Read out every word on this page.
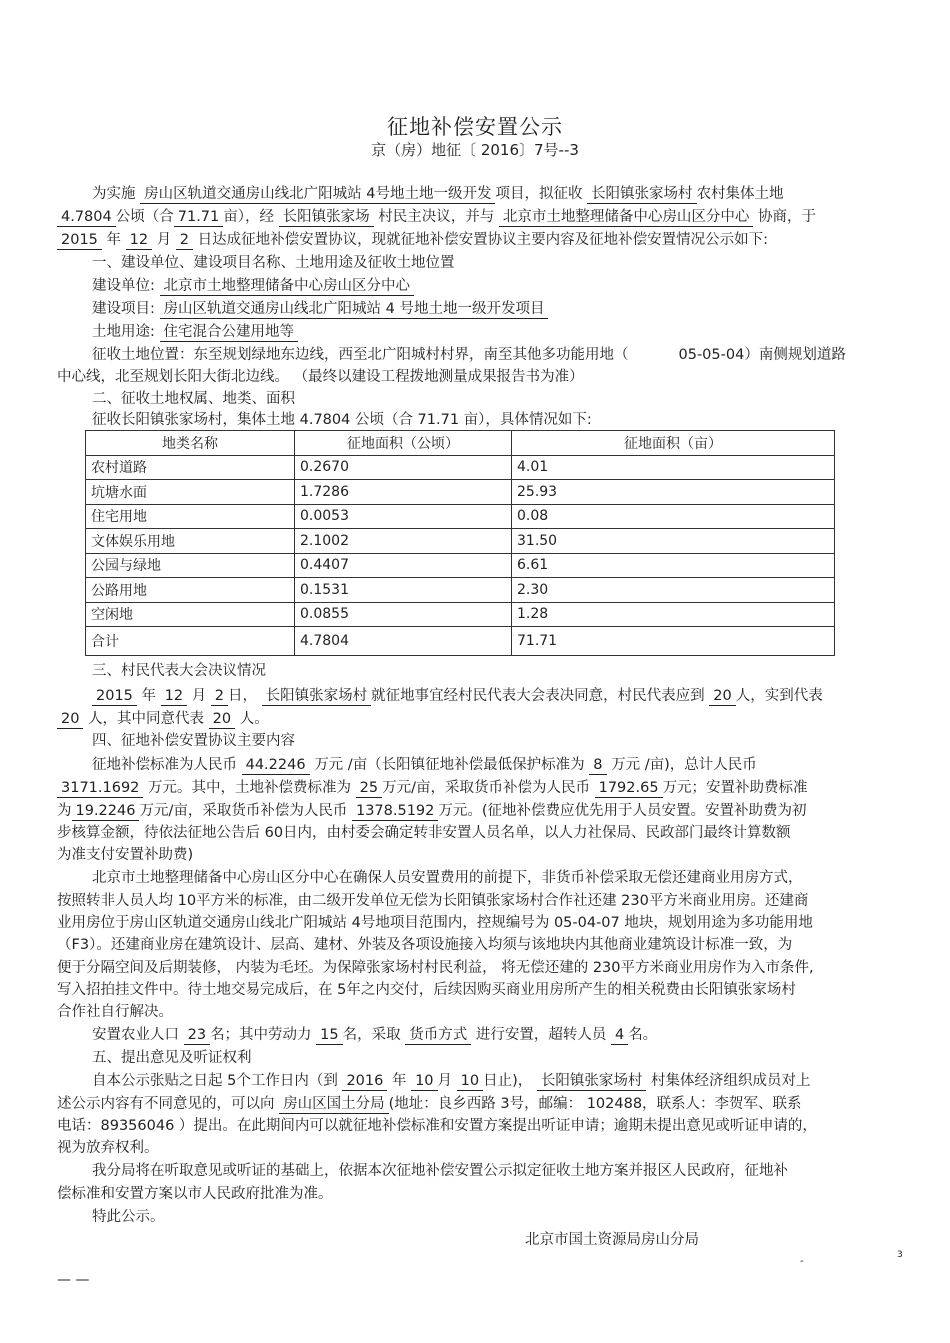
征地补偿安置公示
京（房）地征〔 2016〕7号--3
为实施 房山区轨道交通房山线北广阳城站 4号地土地一级开发 项目，拟征收 长阳镇张家场村 农村集体土地
4.7804 公顷（合 71.71 亩），经 长阳镇张家场 村民主决议，并与 北京市土地整理储备中心房山区分中心 协商，于
2015 年 12 月 2 日达成征地补偿安置协议，现就征地补偿安置协议主要内容及征地补偿安置情况公示如下:
一、建设单位、建设项目名称、土地用途及征收土地位置
建设单位: 北京市土地整理储备中心房山区分中心
建设项目: 房山区轨道交通房山线北广阳城站 4 号地土地一级开发项目
土地用途: 住宅混合公建用地等
征收土地位置：东至规划绿地东边线，西至北广阳城村村界，南至其他多功能用地（	05-05-04）南侧规划道路
中心线，北至规划长阳大街北边线。 （最终以建设工程拨地测量成果报告书为准）
二、征收土地权属、地类、面积
征收长阳镇张家场村，集体土地 4.7804 公顷（合 71.71 亩），具体情况如下:
地类名称	征地面积（公顷）	征地面积（亩）
农村道路	0.2670	4.01
坑塘水面	1.7286	25.93
住宅用地	0.0053	0.08
文体娱乐用地	2.1002	31.50
公园与绿地	0.4407	6.61
公路用地	0.1531	2.30
空闲地	0.0855	1.28
合计	4.7804	71.71
三、村民代表大会决议情况
2015 年 12 月 2 日， 长阳镇张家场村 就征地事宜经村民代表大会表决同意，村民代表应到 20 人，实到代表
20 人，其中同意代表 20 人。
四、征地补偿安置协议主要内容
征地补偿标准为人民币 44.2246 万元 /亩（长阳镇征地补偿最低保护标准为 8 万元 /亩)，总计人民币
3171.1692 万元。其中，土地补偿费标准为 25 万元/亩，采取货币补偿为人民币 1792.65 万元；安置补助费标准
为 19.2246 万元/亩，采取货币补偿为人民币 1378.5192 万元。(征地补偿费应优先用于人员安置。安置补助费为初
步核算金额，待依法征地公告后 60日内，由村委会确定转非安置人员名单，以人力社保局、民政部门最终计算数额
为准支付安置补助费)
北京市土地整理储备中心房山区分中心在确保人员安置费用的前提下，非货币补偿采取无偿还建商业用房方式，
按照转非人员人均 10平方米的标准，由二级开发单位无偿为长阳镇张家场村合作社还建 230平方米商业用房。还建商
业用房位于房山区轨道交通房山线北广阳城站 4号地项目范围内，控规编号为 05-04-07 地块，规划用途为多功能用地
（F3）。还建商业房在建筑设计、层高、建材、外装及各项设施接入均须与该地块内其他商业建筑设计标准一致，为
便于分隔空间及后期装修， 内装为毛坯。为保障张家场村村民利益， 将无偿还建的 230平方米商业用房作为入市条件,
写入招拍挂文件中。待土地交易完成后，在 5年之内交付，后续因购买商业用房所产生的相关税费由长阳镇张家场村
合作社自行解决。
安置农业人口 23 名；其中劳动力 15 名，采取 货币方式 进行安置，超转人员 4 名。
五、提出意见及听证权利
自本公示张贴之日起 5个工作日内（到 2016 年 10 月 10 日止)， 长阳镇张家场村 村集体经济组织成员对上
述公示内容有不同意见的，可以向 房山区国土分局 (地址：良乡西路 3号，邮编： 102488，联系人：李贺军、联系
电话：89356046 ）提出。在此期间内可以就征地补偿标准和安置方案提出听证申请；逾期未提出意见或听证申请的，
视为放弃权利。
我分局将在听取意见或听证的基础上，依据本次征地补偿安置公示拟定征收土地方案并报区人民政府，征地补
偿标准和安置方案以市人民政府批准为准。
特此公示。
北京市国土资源局房山分局
-
3
— —
